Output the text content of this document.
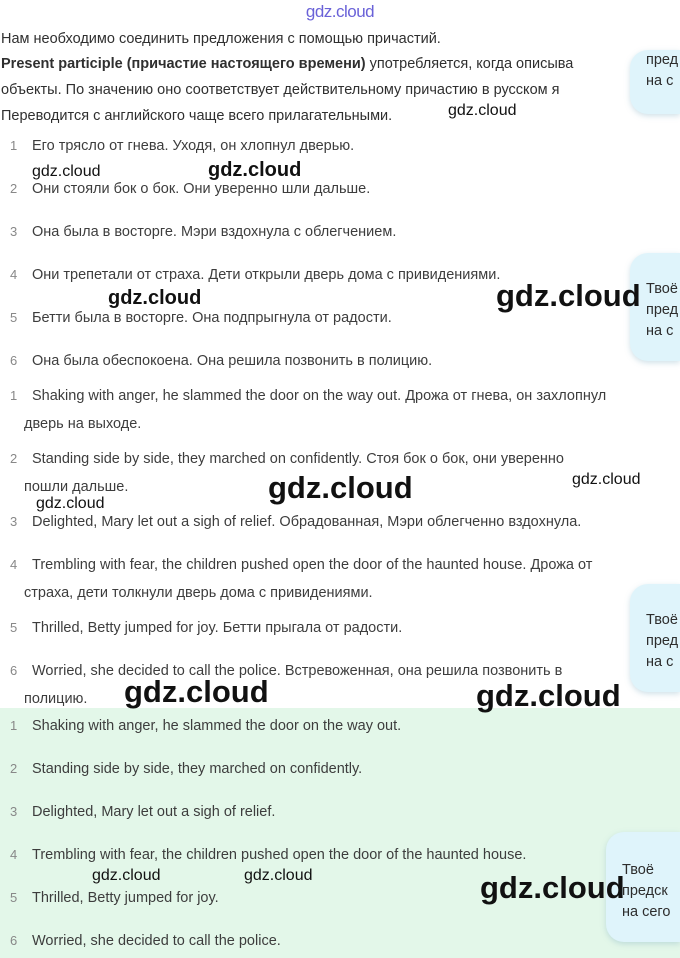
gdz.cloud
Нам необходимо соединить предложения с помощью причастий.
Present participle (причастие настоящего времени) употребляется, когда описыва
объекты. По значению оно соответствует действительному причастию в русском я
Переводится с английского чаще всего прилагательными.
1 Его трясло от гнева. Уходя, он хлопнул дверью.
2 Они стояли бок о бок. Они уверенно шли дальше.
3 Она была в восторге. Мэри вздохнула с облегчением.
4 Они трепетали от страха. Дети открыли дверь дома с привидениями.
5 Бетти была в восторге. Она подпрыгнула от радости.
6 Она была обеспокоена. Она решила позвонить в полицию.
1 Shaking with anger, he slammed the door on the way out. Дрожа от гнева, он захлопнул
дверь на выходе.
2 Standing side by side, they marched on confidently. Стоя бок о бок, они уверенно
пошли дальше.
3 Delighted, Mary let out a sigh of relief. Обрадованная, Мэри облегченно вздохнула.
4 Trembling with fear, the children pushed open the door of the haunted house. Дрожа от
страха, дети толкнули дверь дома с привидениями.
5 Thrilled, Betty jumped for joy. Бетти прыгала от радости.
6 Worried, she decided to call the police. Встревоженная, она решила позвонить в
полицию.
1 Shaking with anger, he slammed the door on the way out.
2 Standing side by side, they marched on confidently.
3 Delighted, Mary let out a sigh of relief.
4 Trembling with fear, the children pushed open the door of the haunted house.
5 Thrilled, Betty jumped for joy.
6 Worried, she decided to call the police.
пред
на с
Твоё
пред
на с
Твоё
пред
на с
Твоё
предск
на сего
gdz.cloud
gdz.cloud	gdz.cloud
gdz.cloud	gdz.cloud
gdz.cloud	gdz.cloud
gdz.cloud
gdz.cloud	gdz.cloud
gdz.cloud	gdz.cloud	gdz.cloud
